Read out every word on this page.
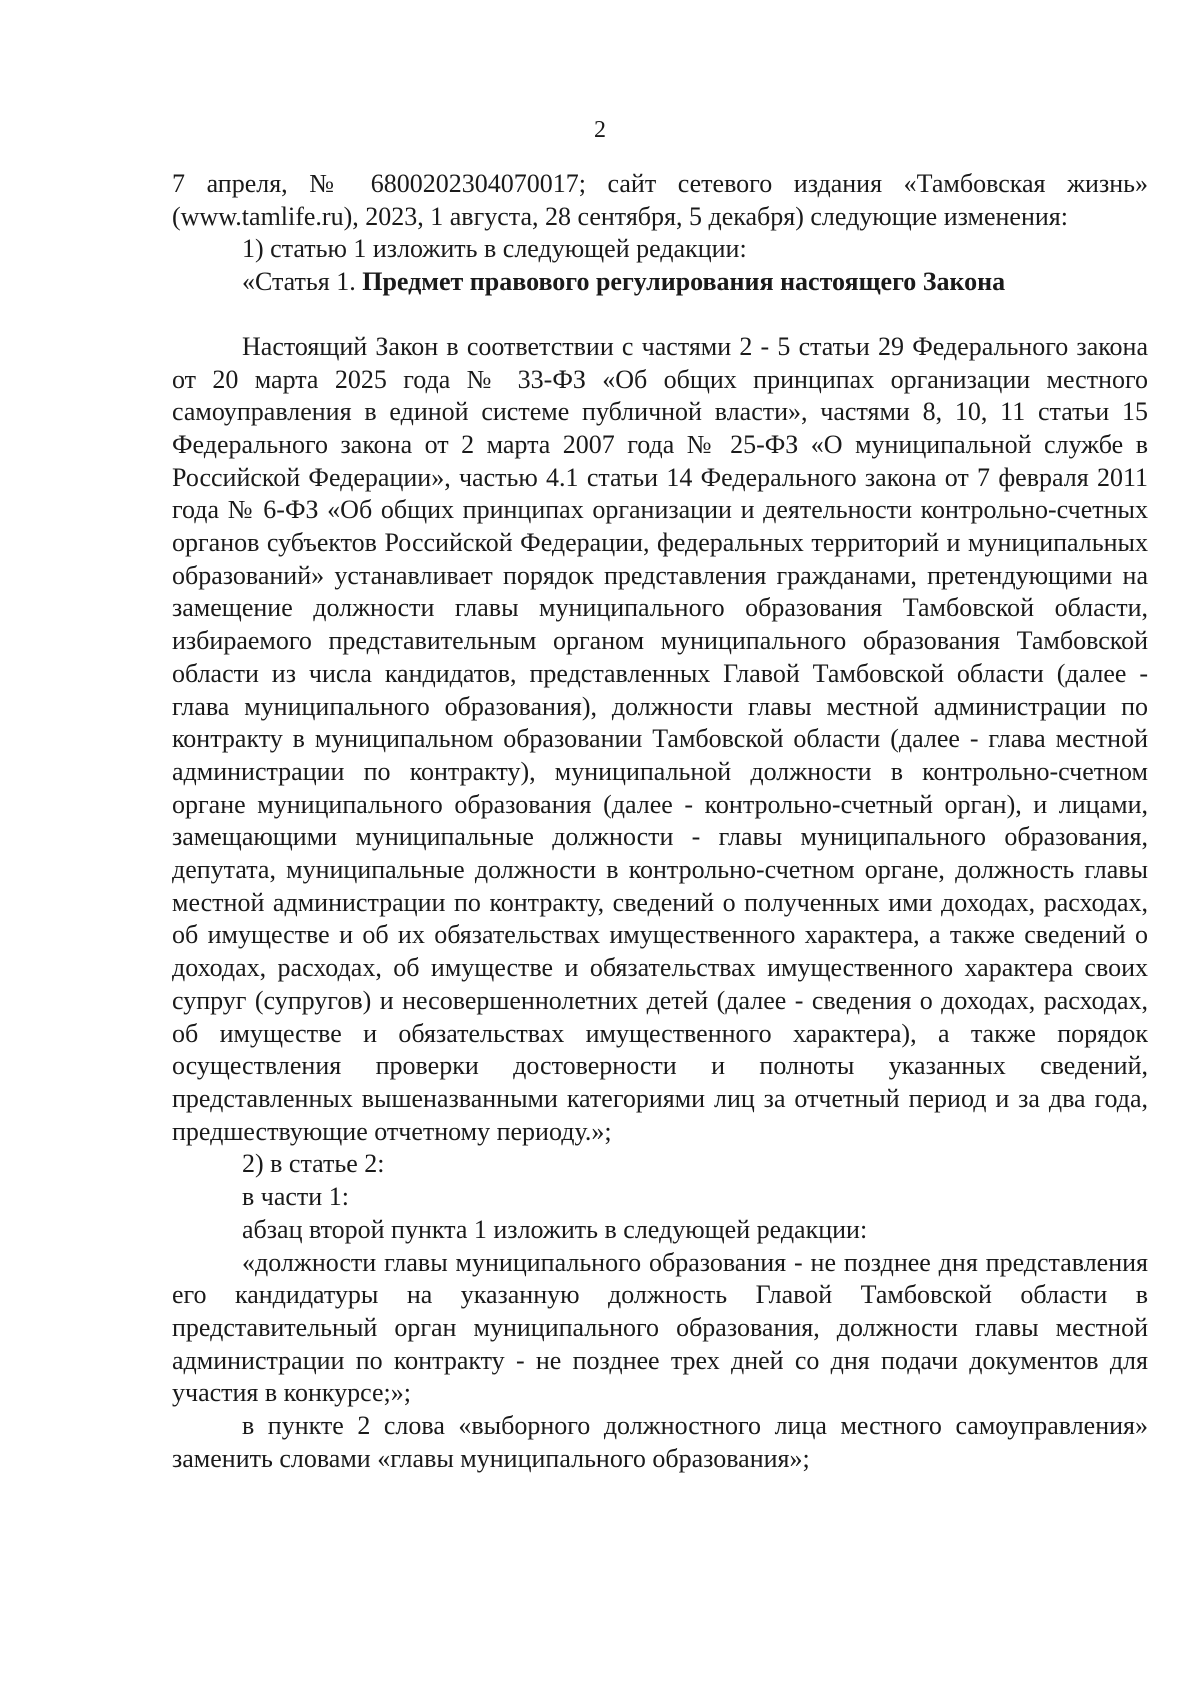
2

7 апреля, № 6800202304070017; сайт сетевого издания «Тамбовская жизнь» (www.tamlife.ru), 2023, 1 августа, 28 сентября, 5 декабря) следующие изменения:

1) статью 1 изложить в следующей редакции:

«Статья 1. Предмет правового регулирования настоящего Закона

Настоящий Закон в соответствии с частями 2 - 5 статьи 29 Федерального закона от 20 марта 2025 года № 33-ФЗ «Об общих принципах организации местного самоуправления в единой системе публичной власти», частями 8, 10, 11 статьи 15 Федерального закона от 2 марта 2007 года № 25-ФЗ «О муниципальной службе в Российской Федерации», частью 4.1 статьи 14 Федерального закона от 7 февраля 2011 года № 6-ФЗ «Об общих принципах организации и деятельности контрольно-счетных органов субъектов Российской Федерации, федеральных территорий и муниципальных образований» устанавливает порядок представления гражданами, претендующими на замещение должности главы муниципального образования Тамбовской области, избираемого представительным органом муниципального образования Тамбовской области из числа кандидатов, представленных Главой Тамбовской области (далее - глава муниципального образования), должности главы местной администрации по контракту в муниципальном образовании Тамбовской области (далее - глава местной администрации по контракту), муниципальной должности в контрольно-счетном органе муниципального образования (далее - контрольно-счетный орган), и лицами, замещающими муниципальные должности - главы муниципального образования, депутата, муниципальные должности в контрольно-счетном органе, должность главы местной администрации по контракту, сведений о полученных ими доходах, расходах, об имуществе и об их обязательствах имущественного характера, а также сведений о доходах, расходах, об имуществе и обязательствах имущественного характера своих супруг (супругов) и несовершеннолетних детей (далее - сведения о доходах, расходах, об имуществе и обязательствах имущественного характера), а также порядок осуществления проверки достоверности и полноты указанных сведений, представленных вышеназванными категориями лиц за отчетный период и за два года, предшествующие отчетному периоду.»;

2) в статье 2:

в части 1:

абзац второй пункта 1 изложить в следующей редакции:

«должности главы муниципального образования - не позднее дня представления его кандидатуры на указанную должность Главой Тамбовской области в представительный орган муниципального образования, должности главы местной администрации по контракту - не позднее трех дней со дня подачи документов для участия в конкурсе;»;

в пункте 2 слова «выборного должностного лица местного самоуправления» заменить словами «главы муниципального образования»;
